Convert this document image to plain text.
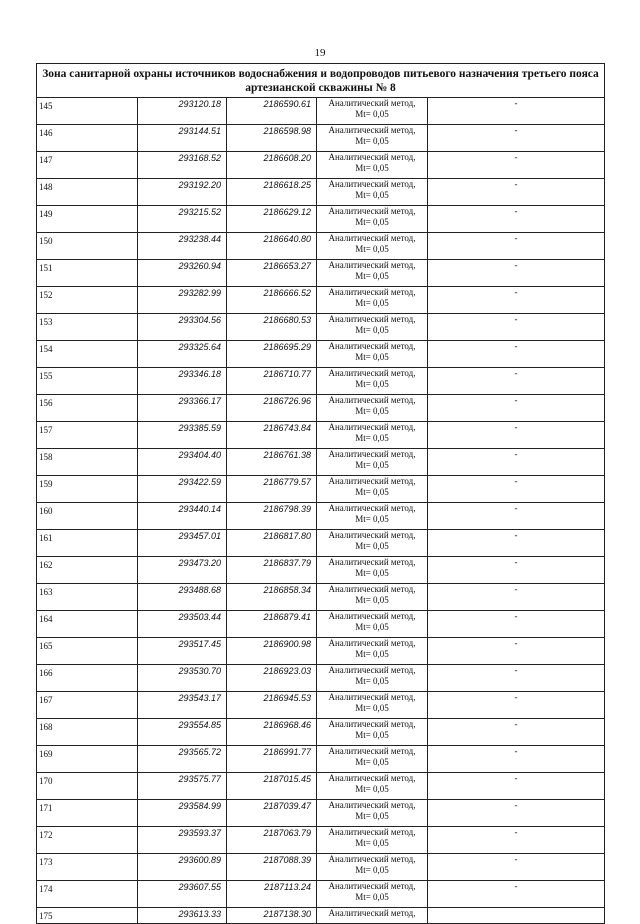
19
Зона санитарной охраны источников водоснабжения и водопроводов питьевого назначения третьего пояса артезианской скважины № 8				
145	293120.18	2186590.61	Аналитический метод,
Mt= 0,05	-
146	293144.51	2186598.98	Аналитический метод,
Mt= 0,05	-
147	293168.52	2186608.20	Аналитический метод,
Mt= 0,05	-
148	293192.20	2186618.25	Аналитический метод,
Mt= 0,05	-
149	293215.52	2186629.12	Аналитический метод,
Mt= 0,05	-
150	293238.44	2186640.80	Аналитический метод,
Mt= 0,05	-
151	293260.94	2186653.27	Аналитический метод,
Mt= 0,05	-
152	293282.99	2186666.52	Аналитический метод,
Mt= 0,05	-
153	293304.56	2186680.53	Аналитический метод,
Mt= 0,05	-
154	293325.64	2186695.29	Аналитический метод,
Mt= 0,05	-
155	293346.18	2186710.77	Аналитический метод,
Mt= 0,05	-
156	293366.17	2186726.96	Аналитический метод,
Mt= 0,05	-
157	293385.59	2186743.84	Аналитический метод,
Mt= 0,05	-
158	293404.40	2186761.38	Аналитический метод,
Mt= 0,05	-
159	293422.59	2186779.57	Аналитический метод,
Mt= 0,05	-
160	293440.14	2186798.39	Аналитический метод,
Mt= 0,05	-
161	293457.01	2186817.80	Аналитический метод,
Mt= 0,05	-
162	293473.20	2186837.79	Аналитический метод,
Mt= 0,05	-
163	293488.68	2186858.34	Аналитический метод,
Mt= 0,05	-
164	293503.44	2186879.41	Аналитический метод,
Mt= 0,05	-
165	293517.45	2186900.98	Аналитический метод,
Mt= 0,05	-
166	293530.70	2186923.03	Аналитический метод,
Mt= 0,05	-
167	293543.17	2186945.53	Аналитический метод,
Mt= 0,05	-
168	293554.85	2186968.46	Аналитический метод,
Mt= 0,05	-
169	293565.72	2186991.77	Аналитический метод,
Mt= 0,05	-
170	293575.77	2187015.45	Аналитический метод,
Mt= 0,05	-
171	293584.99	2187039.47	Аналитический метод,
Mt= 0,05	-
172	293593.37	2187063.79	Аналитический метод,
Mt= 0,05	-
173	293600.89	2187088.39	Аналитический метод,
Mt= 0,05	-
174	293607.55	2187113.24	Аналитический метод,
Mt= 0,05	-
175	293613.33	2187138.30	Аналитический метод,	
